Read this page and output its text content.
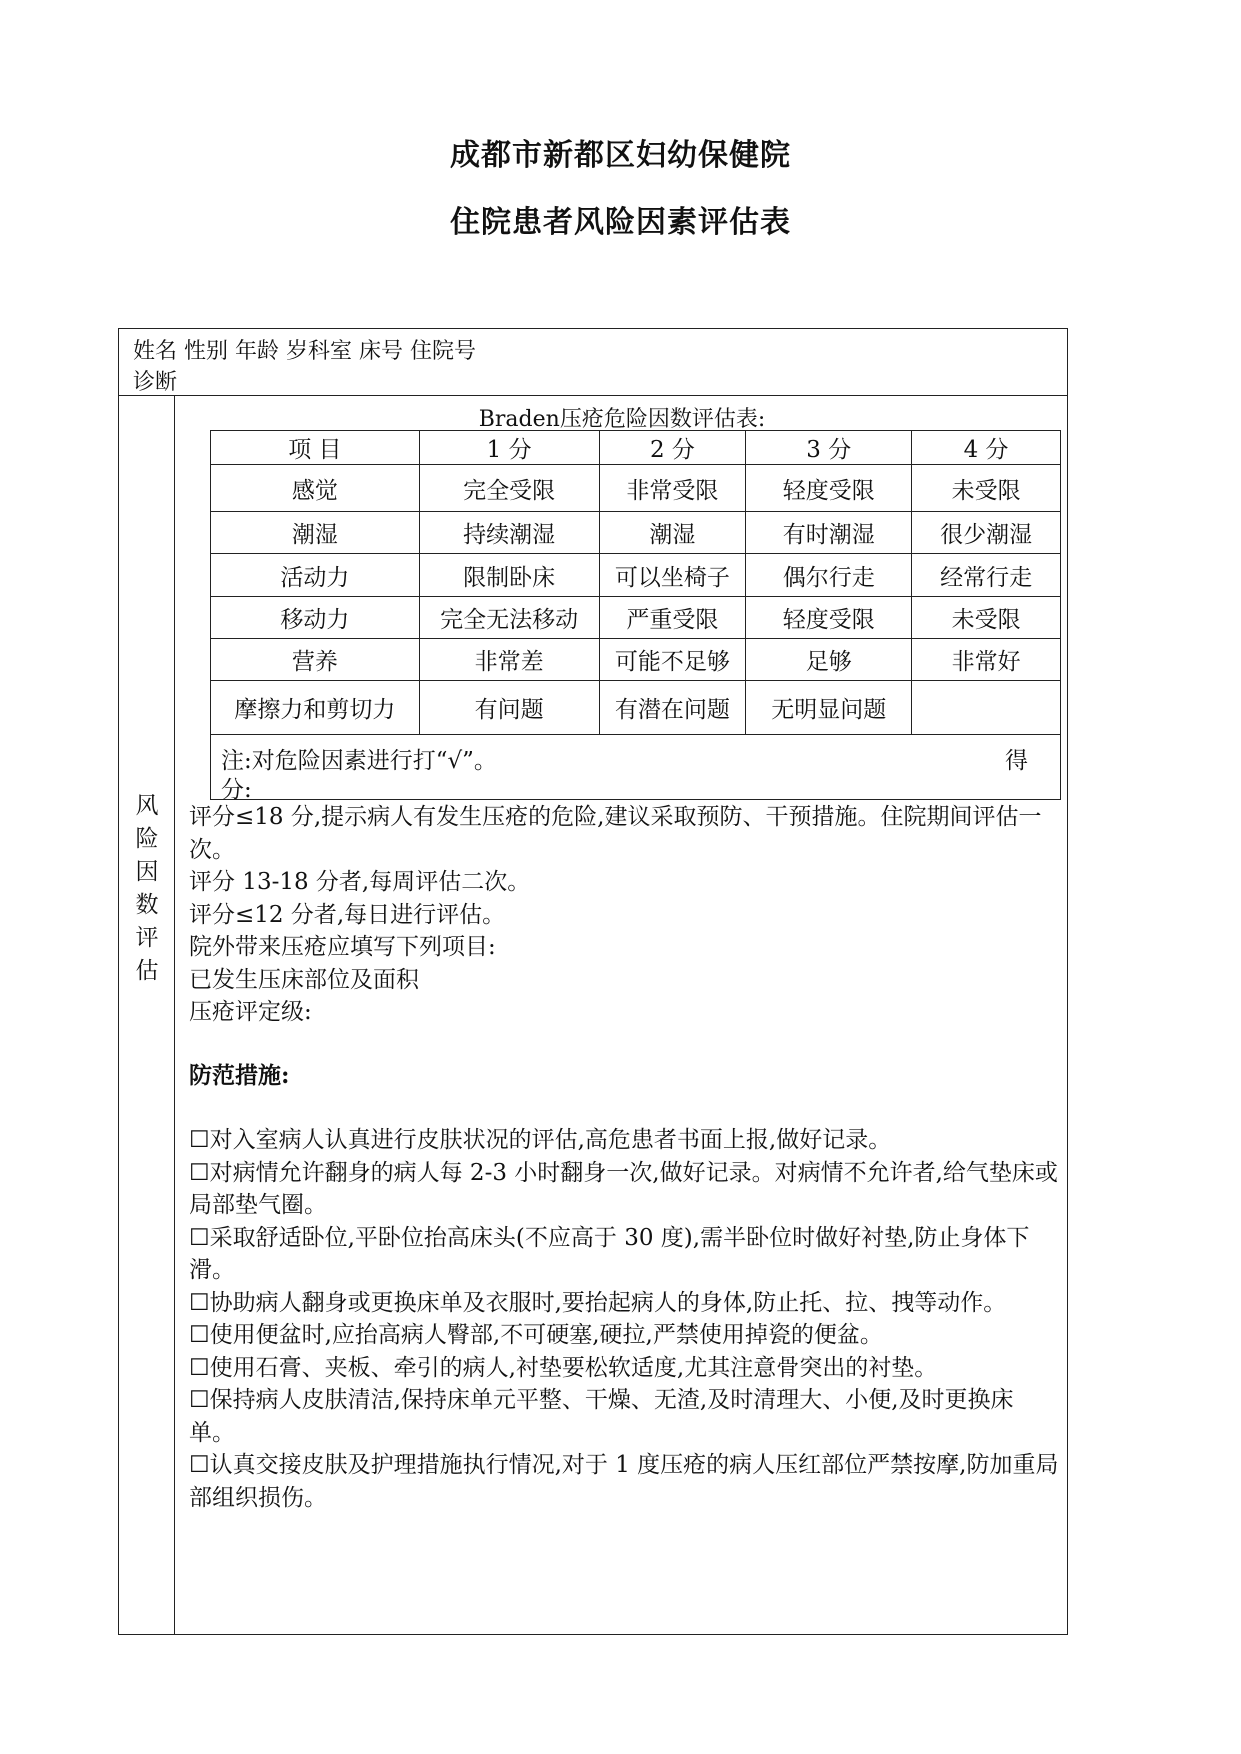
成都市新都区妇幼保健院
住院患者风险因素评估表
姓名 性别 年龄 岁科室 床号 住院号
诊断
风
险
因
数
评
估
Braden压疮危险因数评估表:
项 目	1 分	2 分	3 分	4 分
感觉	完全受限	非常受限	轻度受限	未受限
潮湿	持续潮湿	潮湿	有时潮湿	很少潮湿
活动力	限制卧床	可以坐椅子	偶尔行走	经常行走
移动力	完全无法移动	严重受限	轻度受限	未受限
营养	非常差	可能不足够	足够	非常好
摩擦力和剪切力	有问题	有潜在问题	无明显问题	
注:对危险因素进行打“√”。	得
分:

评分≤18 分,提示病人有发生压疮的危险,建议采取预防、干预措施。住院期间评估一次。

评分 13-18 分者,每周评估二次。

评分≤12 分者,每日进行评估。

院外带来压疮应填写下列项目:

已发生压床部位及面积

压疮评定级:

防范措施:

☐对入室病人认真进行皮肤状况的评估,高危患者书面上报,做好记录。

☐对病情允许翻身的病人每 2-3 小时翻身一次,做好记录。对病情不允许者,给气垫床或局部垫气圈。

☐采取舒适卧位,平卧位抬高床头(不应高于 30 度),需半卧位时做好衬垫,防止身体下滑。

☐协助病人翻身或更换床单及衣服时,要抬起病人的身体,防止托、拉、拽等动作。

☐使用便盆时,应抬高病人臀部,不可硬塞,硬拉,严禁使用掉瓷的便盆。

☐使用石膏、夹板、牵引的病人,衬垫要松软适度,尤其注意骨突出的衬垫。

☐保持病人皮肤清洁,保持床单元平整、干燥、无渣,及时清理大、小便,及时更换床单。

☐认真交接皮肤及护理措施执行情况,对于 1 度压疮的病人压红部位严禁按摩,防加重局部组织损伤。
